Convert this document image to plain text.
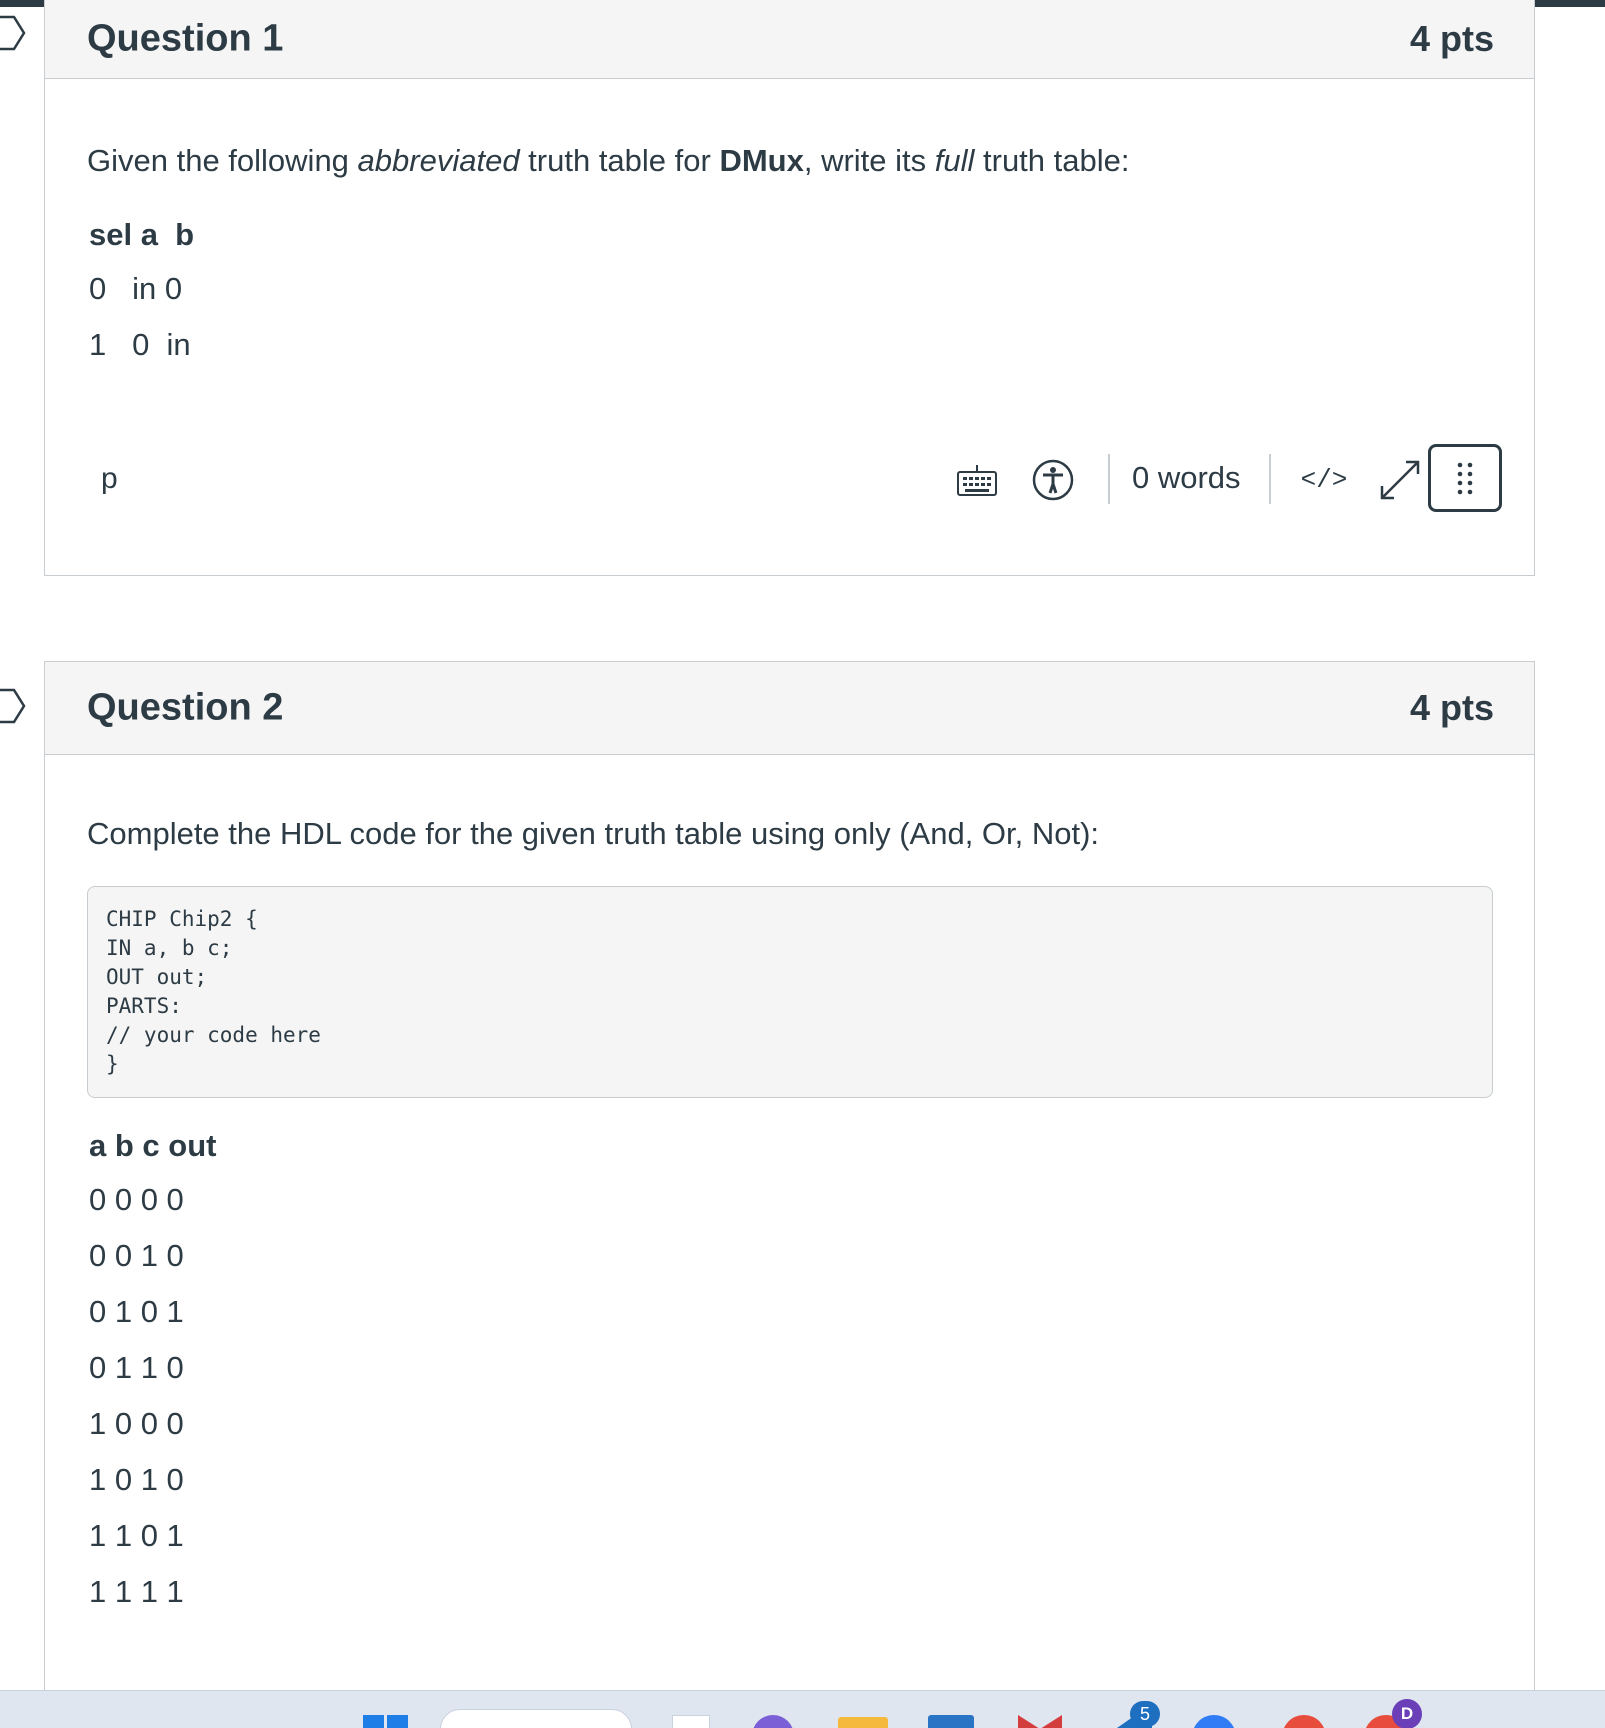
Question 1	4 pts
Given the following abbreviated truth table for DMux, write its full truth table:
sel a  b
0   in 0
1   0  in
p	0 words </>
Question 2	4 pts
Complete the HDL code for the given truth table using only (And, Or, Not):
CHIP Chip2 {
IN a, b c;
OUT out;
PARTS:
// your code here
}
a b c out
0 0 0 0
0 0 1 0
0 1 0 1
0 1 1 0
1 0 0 0
1 0 1 0
1 1 0 1
1 1 1 1
5	D
